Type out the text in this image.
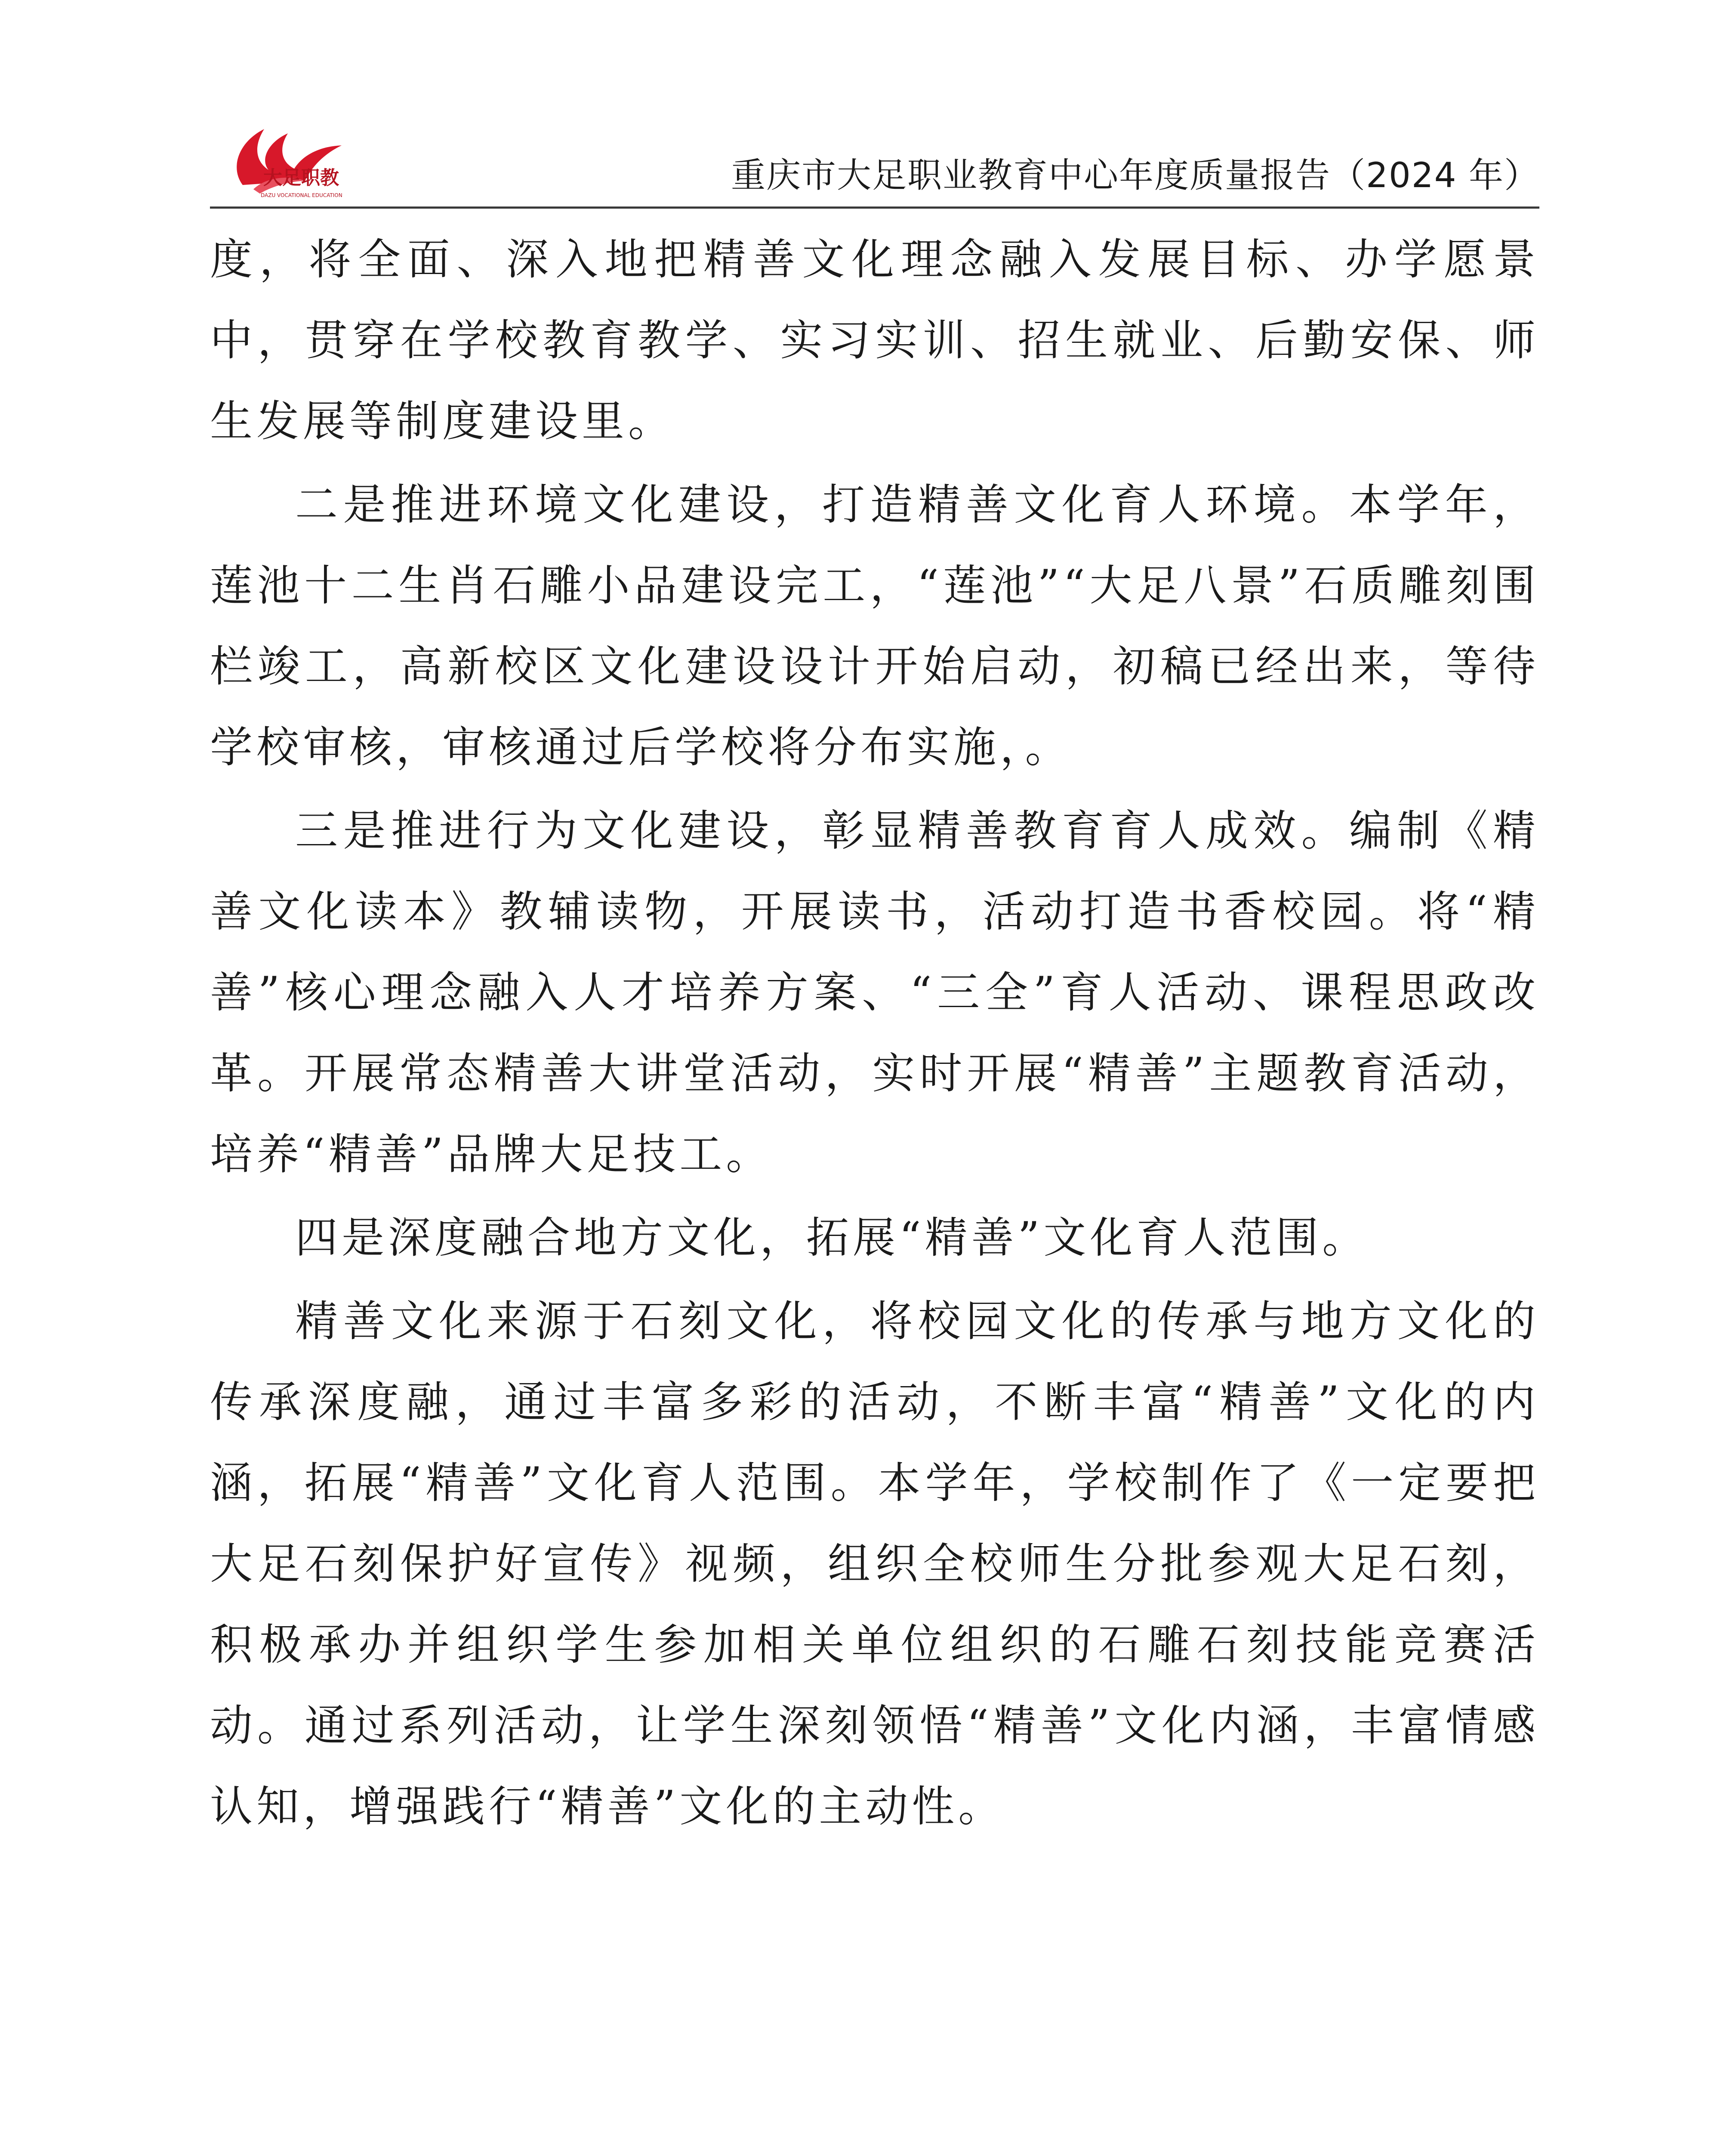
大足职教
DAZU VOCATIONAL EDUCATION	重庆市大足职业教育中心年度质量报告（2024 年）

度，将全面、深入地把精善文化理念融入发展目标、办学愿景中，贯穿在学校教育教学、实习实训、招生就业、后勤安保、师生发展等制度建设里。

二是推进环境文化建设，打造精善文化育人环境。本学年，莲池十二生肖石雕小品建设完工，“莲池”“大足八景”石质雕刻围栏竣工，高新校区文化建设设计开始启动，初稿已经出来，等待学校审核，审核通过后学校将分布实施，。

三是推进行为文化建设，彰显精善教育育人成效。编制《精善文化读本》教辅读物，开展读书，活动打造书香校园。将“精善”核心理念融入人才培养方案、“三全”育人活动、课程思政改革。开展常态精善大讲堂活动，实时开展“精善”主题教育活动，培养“精善”品牌大足技工。

四是深度融合地方文化，拓展“精善”文化育人范围。

精善文化来源于石刻文化，将校园文化的传承与地方文化的传承深度融，通过丰富多彩的活动，不断丰富“精善”文化的内涵，拓展“精善”文化育人范围。本学年，学校制作了《一定要把大足石刻保护好宣传》视频，组织全校师生分批参观大足石刻，积极承办并组织学生参加相关单位组织的石雕石刻技能竞赛活动。通过系列活动，让学生深刻领悟“精善”文化内涵，丰富情感认知，增强践行“精善”文化的主动性。
